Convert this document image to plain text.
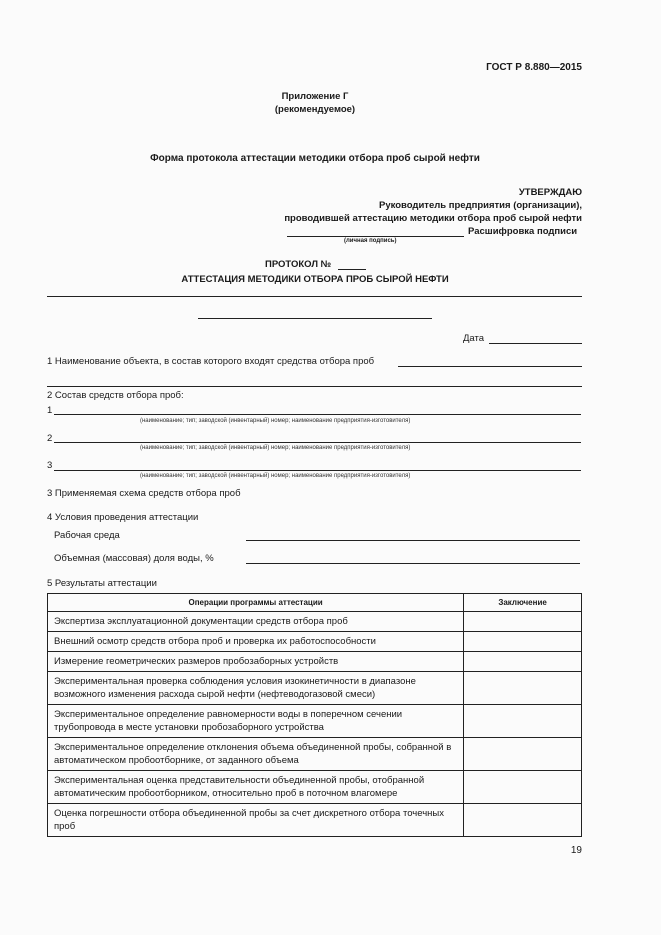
ГОСТ Р 8.880—2015
Приложение Г
(рекомендуемое)
Форма протокола аттестации методики отбора проб сырой нефти
УТВЕРЖДАЮ
Руководитель предприятия (организации),
проводившей аттестацию методики отбора проб сырой нефти
Расшифровка подписи
(личная подпись)
ПРОТОКОЛ №
АТТЕСТАЦИЯ МЕТОДИКИ ОТБОРА ПРОБ СЫРОЙ НЕФТИ
Дата
1 Наименование объекта, в состав которого входят средства отбора проб
2 Состав средств отбора проб:
1
(наименование; тип; заводской (инвентарный) номер; наименование предприятия-изготовителя)
2
(наименование; тип; заводской (инвентарный) номер; наименование предприятия-изготовителя)
3
(наименование; тип; заводской (инвентарный) номер; наименование предприятия-изготовителя)
3 Применяемая схема средств отбора проб
4 Условия проведения аттестации
Рабочая среда
Объемная (массовая) доля воды, %
5 Результаты аттестации
Операции программы аттестации	Заключение
Экспертиза эксплуатационной документации средств отбора проб	
Внешний осмотр средств отбора проб и проверка их работоспособности	
Измерение геометрических размеров пробозаборных устройств	
Экспериментальная проверка соблюдения условия изокинетичности в диапазоне возможного изменения расхода сырой нефти (нефтеводогазовой смеси)	
Экспериментальное определение равномерности воды в поперечном сечении трубопровода в месте установки пробозаборного устройства	
Экспериментальное определение отклонения объема объединенной пробы, собранной в автоматическом пробоотборнике, от заданного объема	
Экспериментальная оценка представительности объединенной пробы, отобранной автоматическим пробоотборником, относительно проб в поточном влагомере	
Оценка погрешности отбора объединенной пробы за счет дискретного отбора точечных проб	
19
